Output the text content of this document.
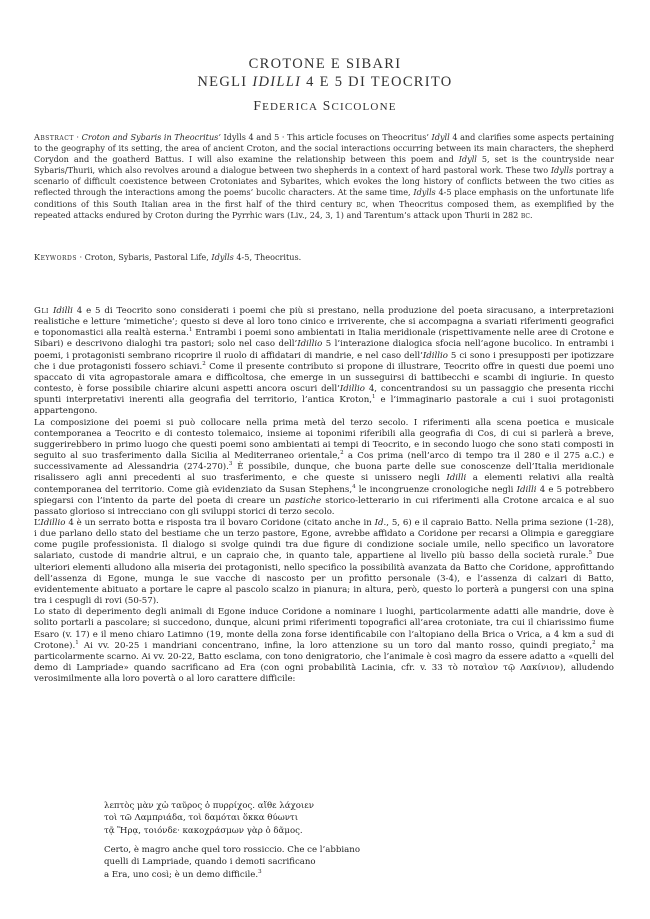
CROTONE E SIBARI
NEGLI IDILLI 4 E 5 DI TEOCRITO
FEDERICA SCICOLONE
Abstract · Croton and Sybaris in Theocritus’ Idylls 4 and 5 · This article focuses on Theocritus’ Idyll 4 and clarifies some aspects pertaining to the geography of its setting, the area of ancient Croton, and the social interactions occurring between its main characters, the shepherd Corydon and the goatherd Battus. I will also examine the relationship between this poem and Idyll 5, set is the countryside near Sybaris/Thurii, which also revolves around a dialogue between two shepherds in a context of hard pastoral work. These two Idylls portray a scenario of difficult coexistence between Crotoniates and Sybarites, which evokes the long history of conflicts between the two cities as reflected through the interactions among the poems’ bucolic characters. At the same time, Idylls 4-5 place emphasis on the unfortunate life conditions of this South Italian area in the first half of the third century bc, when Theocritus composed them, as exemplified by the repeated attacks endured by Croton during the Pyrrhic wars (Liv., 24, 3, 1) and Tarentum’s attack upon Thurii in 282 bc.
Keywords · Croton, Sybaris, Pastoral Life, Idylls 4-5, Theocritus.

Gli Idilli 4 e 5 di Teocrito sono considerati i poemi che più si prestano, nella produzione del poeta siracusano, a interpretazioni realistiche e letture ‘mimetiche’; questo si deve al loro tono cinico e irriverente, che si accompagna a svariati riferimenti geografici e toponomastici alla realtà esterna.$^1$ Entrambi i poemi sono ambientati in Italia meridionale (rispettivamente nelle aree di Crotone e Sibari) e descrivono dialoghi tra pastori; solo nel caso dell’Idillio 5 l’interazione dialogica sfocia nell’agone bucolico. In entrambi i poemi, i protagonisti sembrano ricoprire il ruolo di affidatari di mandrie, e nel caso dell’Idillio 5 ci sono i presupposti per ipotizzare che i due protagonisti fossero schiavi.$^2$ Come il presente contributo si propone di illustrare, Teocrito offre in questi due poemi uno spaccato di vita agropastorale amara e difficoltosa, che emerge in un susseguirsi di battibecchi e scambi di ingiurie. In questo contesto, è forse possibile chiarire alcuni aspetti ancora oscuri dell’Idillio 4, concentrandosi su un passaggio che presenta ricchi spunti interpretativi inerenti alla geografia del territorio, l’antica Kroton,$^1$ e l’immaginario pastorale a cui i suoi protagonisti appartengono.

La composizione dei poemi si può collocare nella prima metà del terzo secolo. I riferimenti alla scena poetica e musicale contemporanea a Teocrito e di contesto tolemaico, insieme ai toponimi riferibili alla geografia di Cos, di cui si parlerà a breve, suggerirebbero in primo luogo che questi poemi sono ambientati ai tempi di Teocrito, e in secondo luogo che sono stati composti in seguito al suo trasferimento dalla Sicilia al Mediterraneo orientale,$^2$ a Cos prima (nell’arco di tempo tra il 280 e il 275 a.C.) e successivamente ad Alessandria (274-270).$^3$ È possibile, dunque, che buona parte delle sue conoscenze dell’Italia meridionale risalissero agli anni precedenti al suo trasferimento, e che queste si unissero negli Idilli a elementi relativi alla realtà contemporanea del territorio. Come già evidenziato da Susan Stephens,$^4$ le incongruenze cronologiche negli Idilli 4 e 5 potrebbero spiegarsi con l’intento da parte del poeta di creare un pastiche storico-letterario in cui riferimenti alla Crotone arcaica e al suo passato glorioso si intrecciano con gli sviluppi storici di terzo secolo.

L’Idillio 4 è un serrato botta e risposta tra il bovaro Coridone (citato anche in Id., 5, 6) e il capraio Batto. Nella prima sezione (1-28), i due parlano dello stato del bestiame che un terzo pastore, Egone, avrebbe affidato a Coridone per recarsi a Olimpia e gareggiare come pugile professionista. Il dialogo si svolge quindi tra due figure di condizione sociale umile, nello specifico un lavoratore salariato, custode di mandrie altrui, e un capraio che, in quanto tale, appartiene al livello più basso della società rurale.$^5$ Due ulteriori elementi alludono alla miseria dei protagonisti, nello specifico la possibilità avanzata da Batto che Coridone, approfittando dell’assenza di Egone, munga le sue vacche di nascosto per un profitto personale (3-4), e l’assenza di calzari di Batto, evidentemente abituato a portare le capre al pascolo scalzo in pianura; in altura, però, questo lo porterà a pungersi con una spina tra i cespugli di rovi (50-57).

Lo stato di deperimento degli animali di Egone induce Coridone a nominare i luoghi, particolarmente adatti alle mandrie, dove è solito portarli a pascolare; si succedono, dunque, alcuni primi riferimenti topografici all’area crotoniate, tra cui il chiarissimo fiume Esaro (v. 17) e il meno chiaro Latimno (19, monte della zona forse identificabile con l’altopiano della Brica o Vrica, a 4 km a sud di Crotone).$^1$ Ai vv. 20-25 i mandriani concentrano, infine, la loro attenzione su un toro dal manto rosso, quindi pregiato,$^2$ ma particolarmente scarno. Ai vv. 20-22, Batto esclama, con tono denigratorio, che l’animale è così magro da essere adatto a «quelli del demo di Lampriade» quando sacrificano ad Era (con ogni probabilità Lacinia, cfr. v. 33 τὸ ποταὶον τῷ Λακίνιον), alludendo verosimilmente alla loro povertà o al loro carattere difficile:

λεπτὸς μὰν χὠ ταῦρος ὁ πυρρίχος. αἴθε λάχοιεν
τοὶ τῶ Λαμπριάδα, τοὶ δαμόται ὅκκα θύωντι
τᾷ Ἥρᾳ, τοιόνδε· κακοχράσμων γὰρ ὁ δᾶμος.
Certo, è magro anche quel toro rossiccio. Che ce l’abbiano
quelli di Lampriade, quando i demoti sacrificano
a Era, uno così; è un demo difficile.$^3$
